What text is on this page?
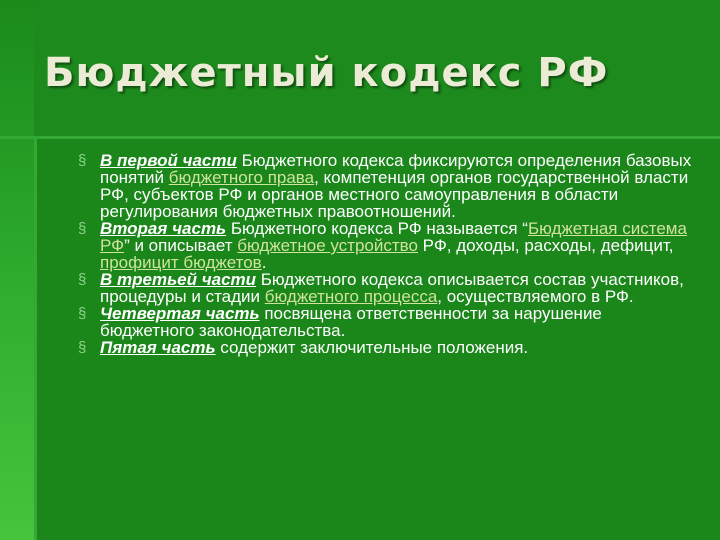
Бюджетный кодекс РФ
§ В первой части Бюджетного кодекса фиксируются определения базовых понятий бюджетного права, компетенция органов государственной власти РФ, субъектов РФ и органов местного самоуправления в области регулирования бюджетных правоотношений.
§ Вторая часть Бюджетного кодекса РФ называется “Бюджетная система РФ” и описывает бюджетное устройство РФ, доходы, расходы, дефицит, профицит бюджетов.
§ В третьей части Бюджетного кодекса описывается состав участников, процедуры и стадии бюджетного процесса, осуществляемого в РФ.
§ Четвертая часть посвящена ответственности за нарушение бюджетного законодательства.
§ Пятая часть содержит заключительные положения.
